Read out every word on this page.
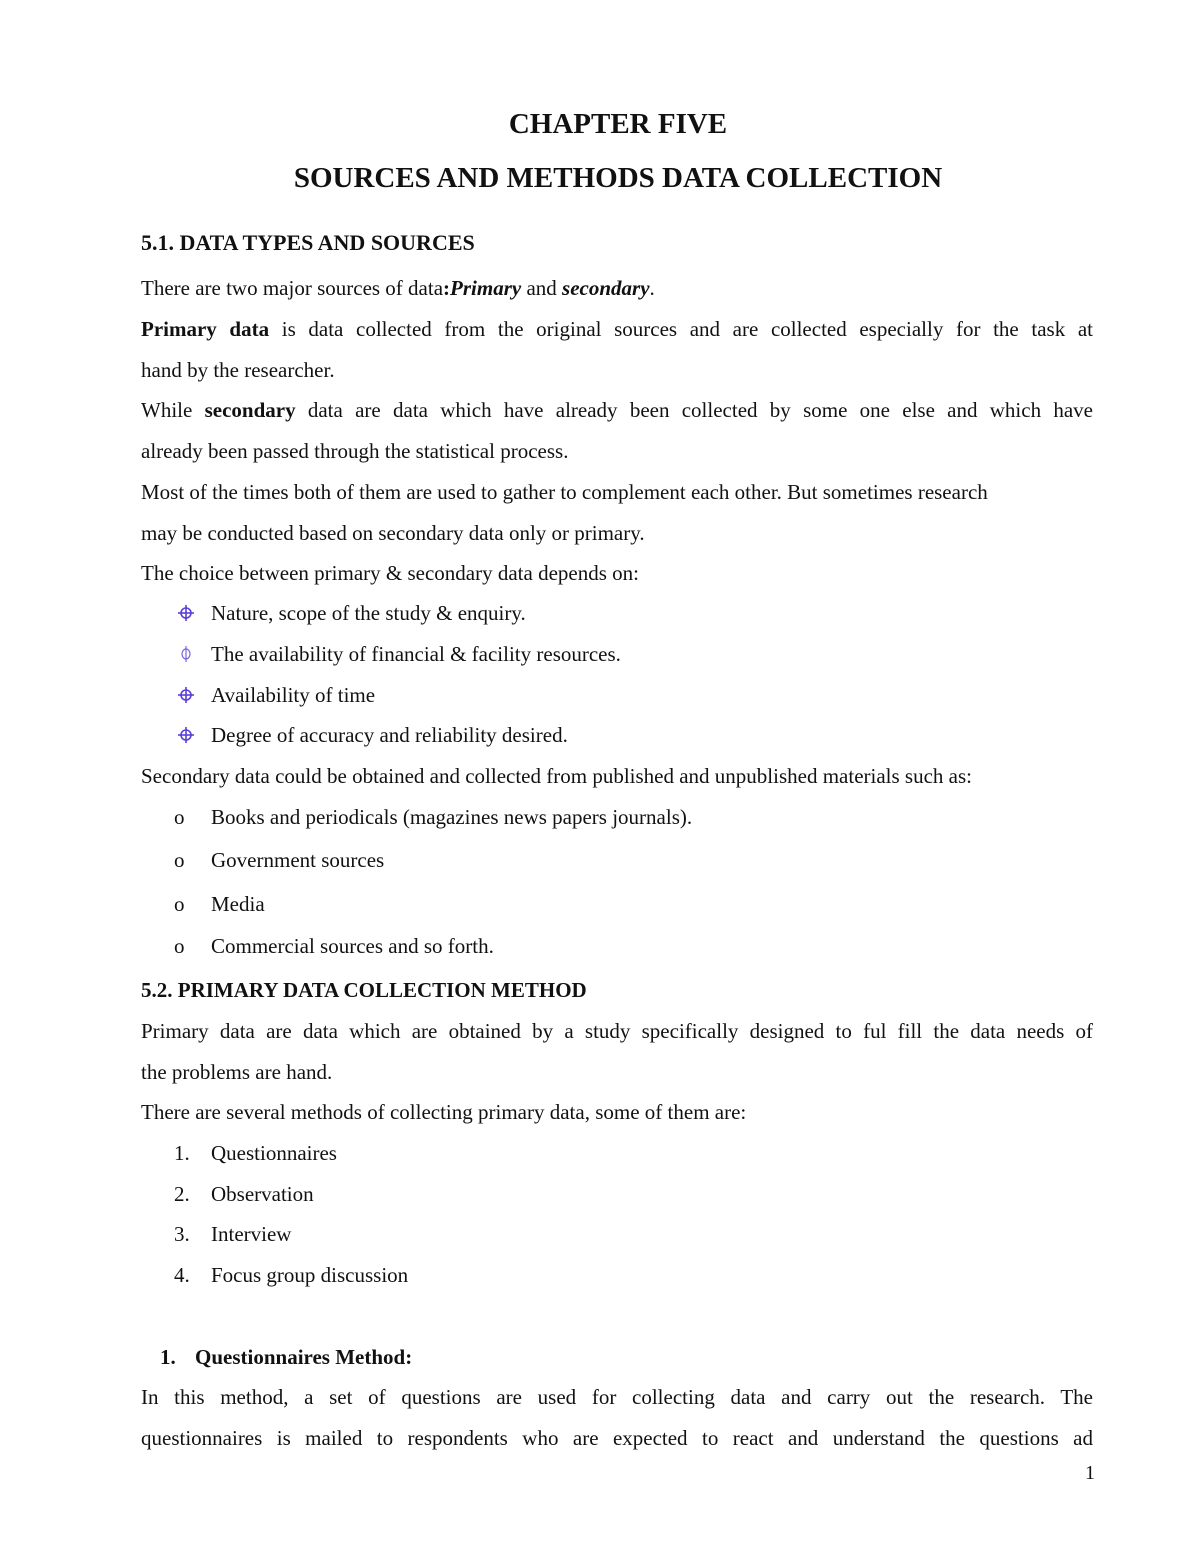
CHAPTER FIVE
SOURCES AND METHODS DATA COLLECTION
5.1. DATA TYPES AND SOURCES

There are two major sources of data:Primary and secondary.

Primary data is data collected from the original sources and are collected especially for the task at

hand by the researcher.

While secondary data are data which have already been collected by some one else and which have

already been passed through the statistical process.

Most of the times both of them are used to gather to complement each other. But sometimes research

may be conducted based on secondary data only or primary.

The choice between primary & secondary data depends on:

Nature, scope of the study & enquiry.
The availability of financial & facility resources.
Availability of time
Degree of accuracy and reliability desired.

Secondary data could be obtained and collected from published and unpublished materials such as:

o Books and periodicals (magazines news papers journals).
o Government sources
o Media
o Commercial sources and so forth.
5.2. PRIMARY DATA COLLECTION METHOD

Primary data are data which are obtained by a study specifically designed to ful fill the data needs of

the problems are hand.

There are several methods of collecting primary data, some of them are:

1. Questionnaires
2. Observation
3. Interview
4. Focus group discussion
1. Questionnaires Method:

In this method, a set of questions are used for collecting data and carry out the research. The

questionnaires is mailed to respondents who are expected to react and understand the questions ad

1
